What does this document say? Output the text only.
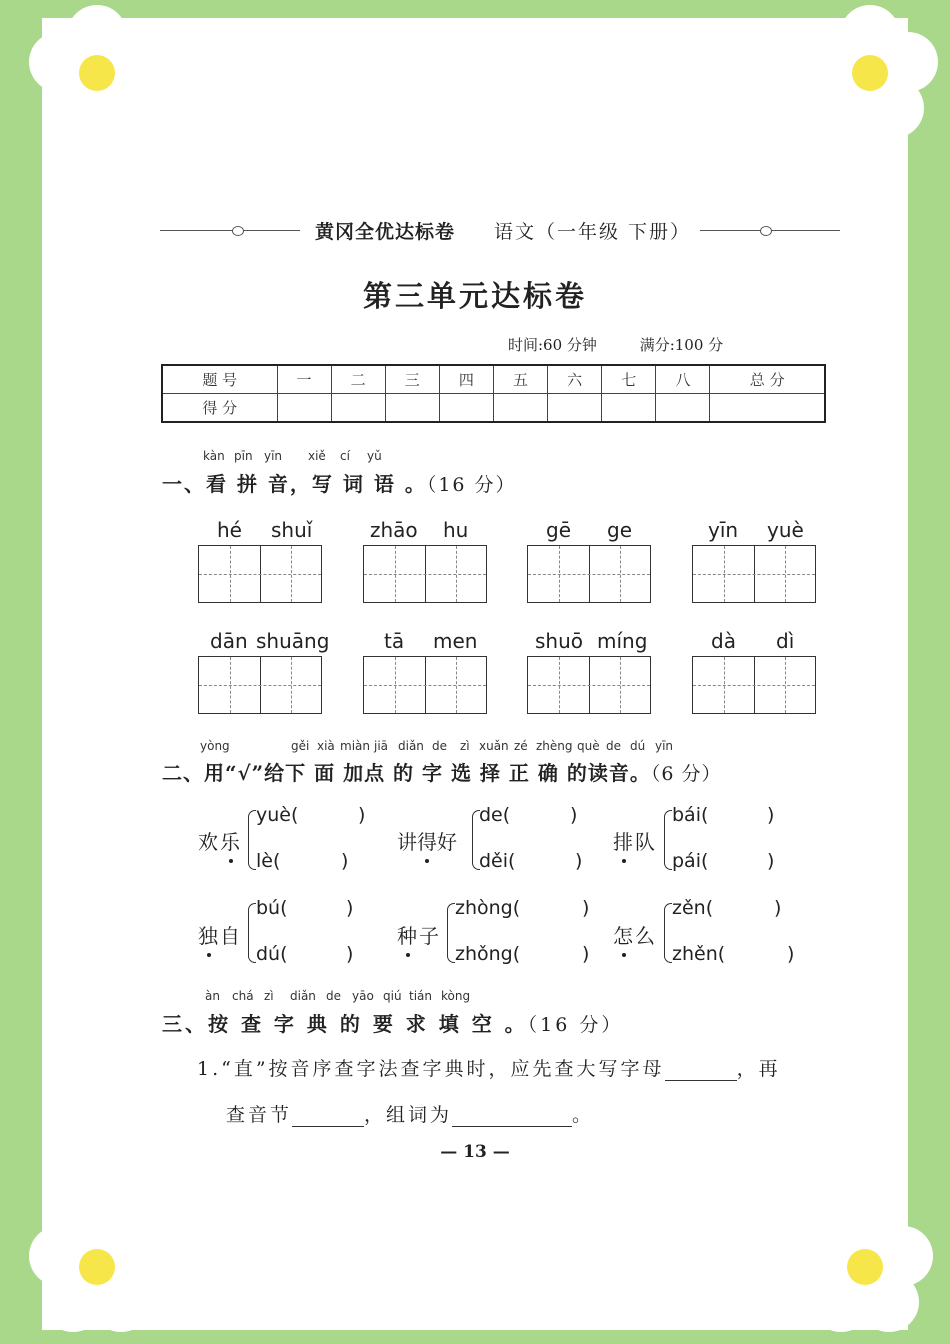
黄冈全优达标卷 语文（一年级 下册）
第三单元达标卷
时间:60 分钟	满分:100 分
题 号	一	二	三	四	五	六	七	八	总 分
得 分									
kàn pīn yīn xiě cí yǔ
一、看 拼 音，写 词 语 。（16 分）
hé shuǐ	zhāo hu	gē ge	yīn yuè
dān shuāng	tā men	shuō míng	dà dì
yòng	gěi xià miàn jiā diǎn de zì xuǎn zé zhèng què de dú yīn
二、用“√”给下 面 加点 的 字 选 择 正 确 的读音。（6 分）
欢乐
yuè(	)
lè(	)
讲得好
de(	)
děi(	)
排队
bái(	)
pái(	)
独自
bú(	)
dú(	)
种子
zhòng(	)
zhǒng(	)
怎么
zěn(	)
zhěn(	)
àn chá zì diǎn de yāo qiú tián kòng
三、按 查 字 典 的 要 求 填 空 。（16 分）
1.“直”按音序查字法查字典时，应先查大写字母	，再
查音节	，组词为	。
— 13 —
